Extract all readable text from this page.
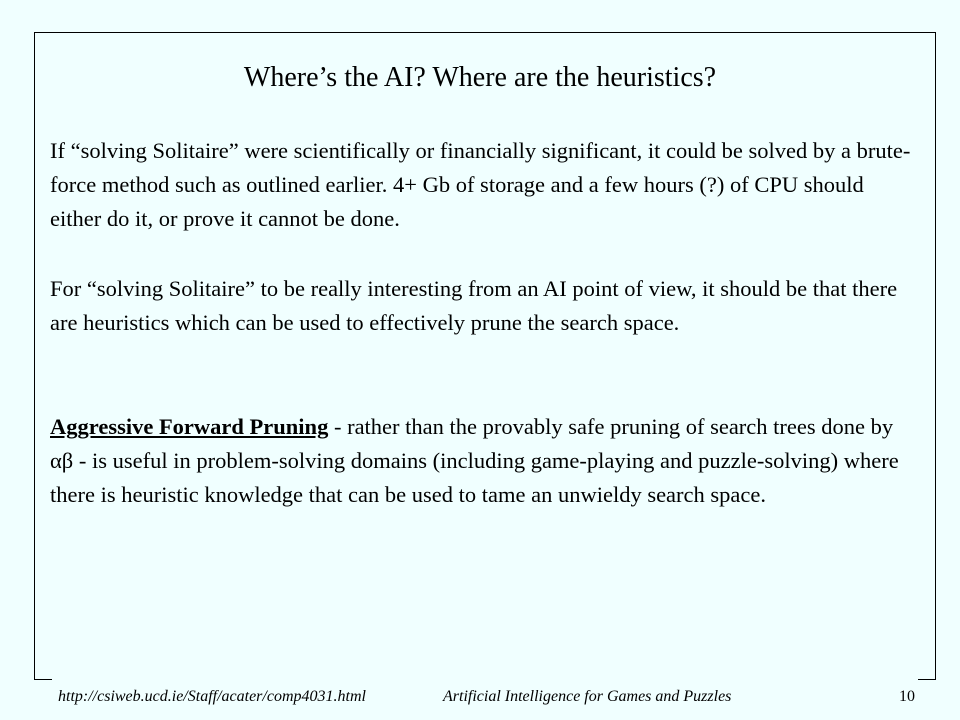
Where’s the AI? Where are the heuristics?

If “solving Solitaire” were scientifically or financially significant, it could be solved by a brute-force method such as outlined earlier. 4+ Gb of storage and a few hours (?) of CPU should either do it, or prove it cannot be done.

For “solving Solitaire” to be really interesting from an AI point of view, it should be that there are heuristics which can be used to effectively prune the search space.

Aggressive Forward Pruning - rather than the provably safe pruning of search trees done by αβ - is useful in problem-solving domains (including game-playing and puzzle-solving) where there is heuristic knowledge that can be used to tame an unwieldy search space.

http://csiweb.ucd.ie/Staff/acater/comp4031.html	Artificial Intelligence for Games and Puzzles	10
